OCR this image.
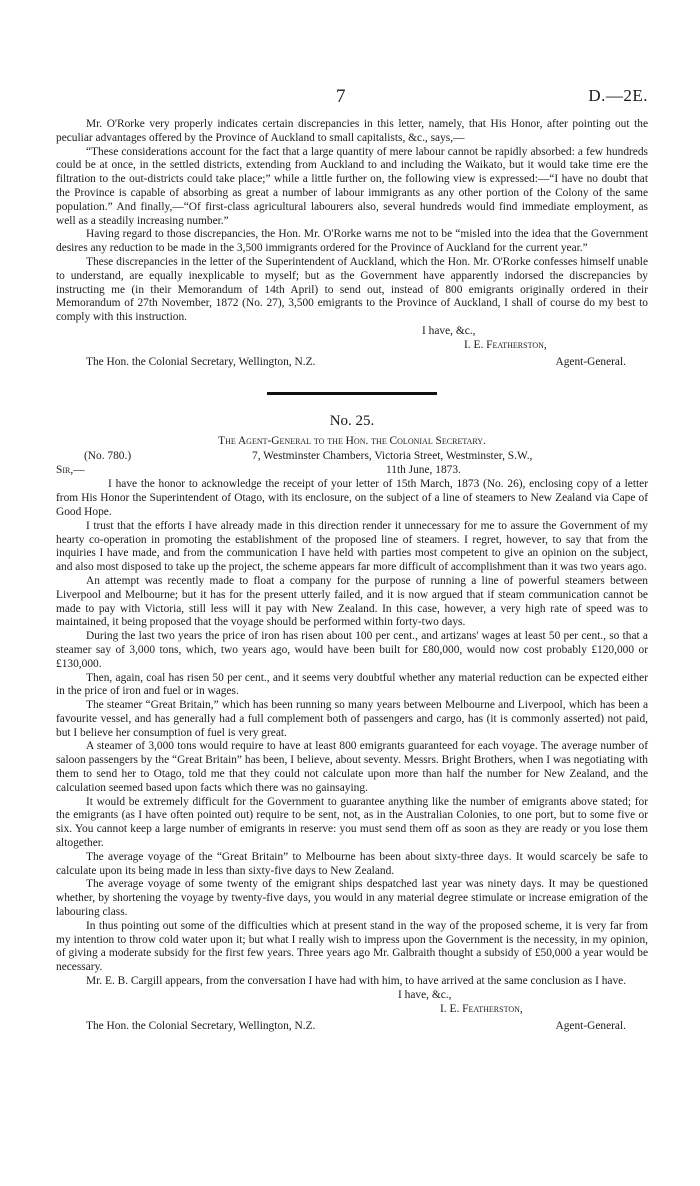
7	D.—2E.

Mr. O'Rorke very properly indicates certain discrepancies in this letter, namely, that His Honor, after pointing out the peculiar advantages offered by the Province of Auckland to small capitalists, &c., says,—

“These considerations account for the fact that a large quantity of mere labour cannot be rapidly absorbed: a few hundreds could be at once, in the settled districts, extending from Auckland to and including the Waikato, but it would take time ere the filtration to the out-districts could take place;” while a little further on, the following view is expressed:—“I have no doubt that the Province is capable of absorbing as great a number of labour immigrants as any other portion of the Colony of the same population.” And finally,—“Of first-class agricultural labourers also, several hundreds would find immediate employment, as well as a steadily increasing number.”

Having regard to those discrepancies, the Hon. Mr. O'Rorke warns me not to be “misled into the idea that the Government desires any reduction to be made in the 3,500 immigrants ordered for the Province of Auckland for the current year.”

These discrepancies in the letter of the Superintendent of Auckland, which the Hon. Mr. O'Rorke confesses himself unable to understand, are equally inexplicable to myself; but as the Government have apparently indorsed the discrepancies by instructing me (in their Memorandum of 14th April) to send out, instead of 800 emigrants originally ordered in their Memorandum of 27th November, 1872 (No. 27), 3,500 emigrants to the Province of Auckland, I shall of course do my best to comply with this instruction.

I have, &c.,
I. E. Featherston,
The Hon. the Colonial Secretary, Wellington, N.Z.	Agent-General.
No. 25.
The Agent-General to the Hon. the Colonial Secretary.
(No. 780.)	7, Westminster Chambers, Victoria Street, Westminster, S.W.,
Sir,—	11th June, 1873.

I have the honor to acknowledge the receipt of your letter of 15th March, 1873 (No. 26), enclosing copy of a letter from His Honor the Superintendent of Otago, with its enclosure, on the subject of a line of steamers to New Zealand via Cape of Good Hope.

I trust that the efforts I have already made in this direction render it unnecessary for me to assure the Government of my hearty co-operation in promoting the establishment of the proposed line of steamers. I regret, however, to say that from the inquiries I have made, and from the communication I have held with parties most competent to give an opinion on the subject, and also most disposed to take up the project, the scheme appears far more difficult of accomplishment than it was two years ago.

An attempt was recently made to float a company for the purpose of running a line of powerful steamers between Liverpool and Melbourne; but it has for the present utterly failed, and it is now argued that if steam communication cannot be made to pay with Victoria, still less will it pay with New Zealand. In this case, however, a very high rate of speed was to maintained, it being proposed that the voyage should be performed within forty-two days.

During the last two years the price of iron has risen about 100 per cent., and artizans' wages at least 50 per cent., so that a steamer say of 3,000 tons, which, two years ago, would have been built for £80,000, would now cost probably £120,000 or £130,000.

Then, again, coal has risen 50 per cent., and it seems very doubtful whether any material reduction can be expected either in the price of iron and fuel or in wages.

The steamer “Great Britain,” which has been running so many years between Melbourne and Liverpool, which has been a favourite vessel, and has generally had a full complement both of passengers and cargo, has (it is commonly asserted) not paid, but I believe her consumption of fuel is very great.

A steamer of 3,000 tons would require to have at least 800 emigrants guaranteed for each voyage. The average number of saloon passengers by the “Great Britain” has been, I believe, about seventy. Messrs. Bright Brothers, when I was negotiating with them to send her to Otago, told me that they could not calculate upon more than half the number for New Zealand, and the calculation seemed based upon facts which there was no gainsaying.

It would be extremely difficult for the Government to guarantee anything like the number of emigrants above stated; for the emigrants (as I have often pointed out) require to be sent, not, as in the Australian Colonies, to one port, but to some five or six. You cannot keep a large number of emigrants in reserve: you must send them off as soon as they are ready or you lose them altogether.

The average voyage of the “Great Britain” to Melbourne has been about sixty-three days. It would scarcely be safe to calculate upon its being made in less than sixty-five days to New Zealand.

The average voyage of some twenty of the emigrant ships despatched last year was ninety days. It may be questioned whether, by shortening the voyage by twenty-five days, you would in any material degree stimulate or increase emigration of the labouring class.

In thus pointing out some of the difficulties which at present stand in the way of the proposed scheme, it is very far from my intention to throw cold water upon it; but what I really wish to impress upon the Government is the necessity, in my opinion, of giving a moderate subsidy for the first few years. Three years ago Mr. Galbraith thought a subsidy of £50,000 a year would be necessary.

Mr. E. B. Cargill appears, from the conversation I have had with him, to have arrived at the same conclusion as I have.

I have, &c.,
I. E. Featherston,
The Hon. the Colonial Secretary, Wellington, N.Z.	Agent-General.
